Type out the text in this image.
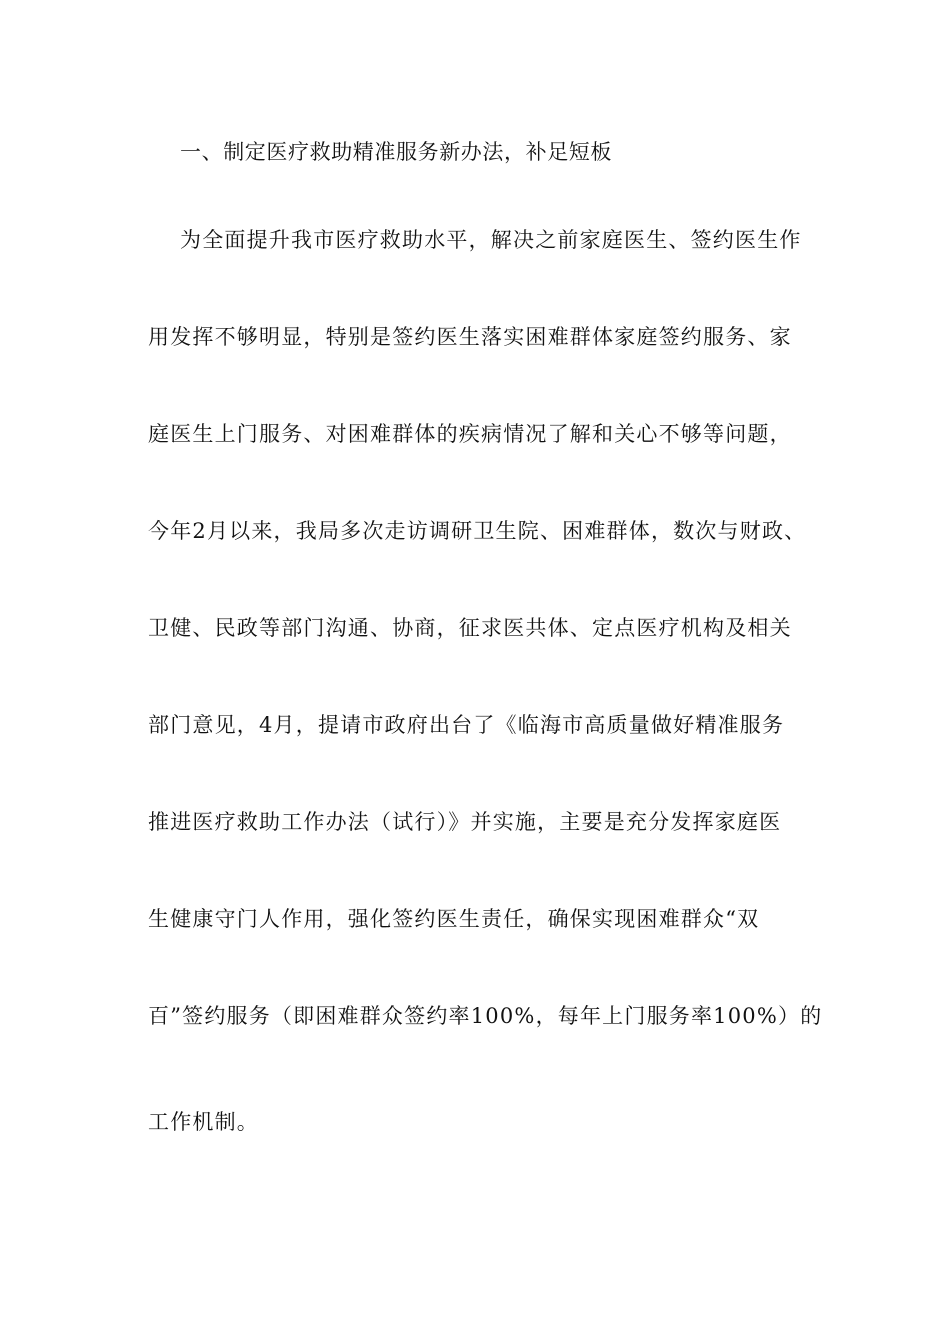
一、制定医疗救助精准服务新办法，补足短板
为全面提升我市医疗救助水平，解决之前家庭医生、签约医生作
用发挥不够明显，特别是签约医生落实困难群体家庭签约服务、家
庭医生上门服务、对困难群体的疾病情况了解和关心不够等问题，
今年2月以来，我局多次走访调研卫生院、困难群体，数次与财政、
卫健、民政等部门沟通、协商，征求医共体、定点医疗机构及相关
部门意见，4月，提请市政府出台了《临海市高质量做好精准服务
推进医疗救助工作办法（试行）》并实施，主要是充分发挥家庭医
生健康守门人作用，强化签约医生责任，确保实现困难群众“双
百”签约服务（即困难群众签约率100%，每年上门服务率100%）的
工作机制。
